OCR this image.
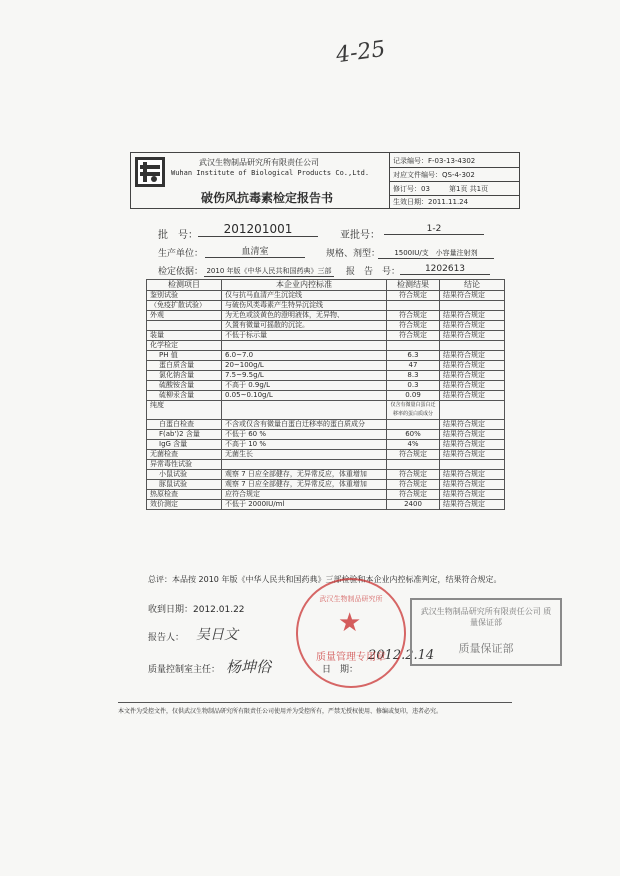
4-25
武汉生物制品研究所有限责任公司
Wuhan Institute of Biological Products Co.,Ltd.
破伤风抗毒素检定报告书
记录编号：F-03-13-4302
对应文件编号：QS-4-302
修订号：03	第1页 共1页
生效日期：2011.11.24
批　号：	201201001	亚批号：
1-2
生产单位：	血清室	规格、剂型：	1500IU/支　小容量注射剂
检定依据： 2010 年版《中华人民共和国药典》三部 报　告　号：	1202613
检测项目	本企业内控标准	检测结果	结论
鉴别试验	仅与抗马血清产生沉淀线	符合规定	结果符合规定
（免疫扩散试验）	与破伤风类毒素产生特异沉淀线		
外观	为无色或淡黄色的澄明液体，无异物、	符合规定	结果符合规定
	久置有微量可摇散的沉淀。	符合规定	结果符合规定
装量	不低于标示量	符合规定	结果符合规定
化学检定			
PH 值	6.0~7.0	6.3	结果符合规定
蛋白质含量	20~100g/L	47	结果符合规定
氯化钠含量	7.5~9.5g/L	8.3	结果符合规定
硫酸铵含量	不高于 0.9g/L	0.3	结果符合规定
硫柳汞含量	0.05~0.10g/L	0.09	结果符合规定
纯度		仅含有微量白蛋白迁移率的蛋白质成分	
白蛋白检查	不含或仅含有微量白蛋白迁移率的蛋白质成分		结果符合规定
F(ab')2 含量	不低于 60 %	60%	结果符合规定
IgG 含量	不高于 10 %	4%	结果符合规定
无菌检查	无菌生长	符合规定	结果符合规定
异常毒性试验			
小鼠试验	观察 7 日应全部健存，无异常反应，体重增加	符合规定	结果符合规定
豚鼠试验	观察 7 日应全部健存，无异常反应，体重增加	符合规定	结果符合规定
热原检查	应符合规定	符合规定	结果符合规定
效价测定	不低于 2000IU/ml	2400	结果符合规定
总评：本品按 2010 年版《中华人民共和国药典》三部检验和本企业内控标准判定，结果符合规定。
收到日期：2012.01.22
报告人： 吴日文
质量控制室主任： 杨坤俗	日　期：
2012.2.14
★
武汉生物制品研究所
质量管理专用章
武汉生物制品研究所有限责任公司 质量保证部
质量保证部
本文件为受控文件，仅供武汉生物制品研究所有限责任公司使用并为受控所有，严禁无授权使用、修编或复印，违者必究。
